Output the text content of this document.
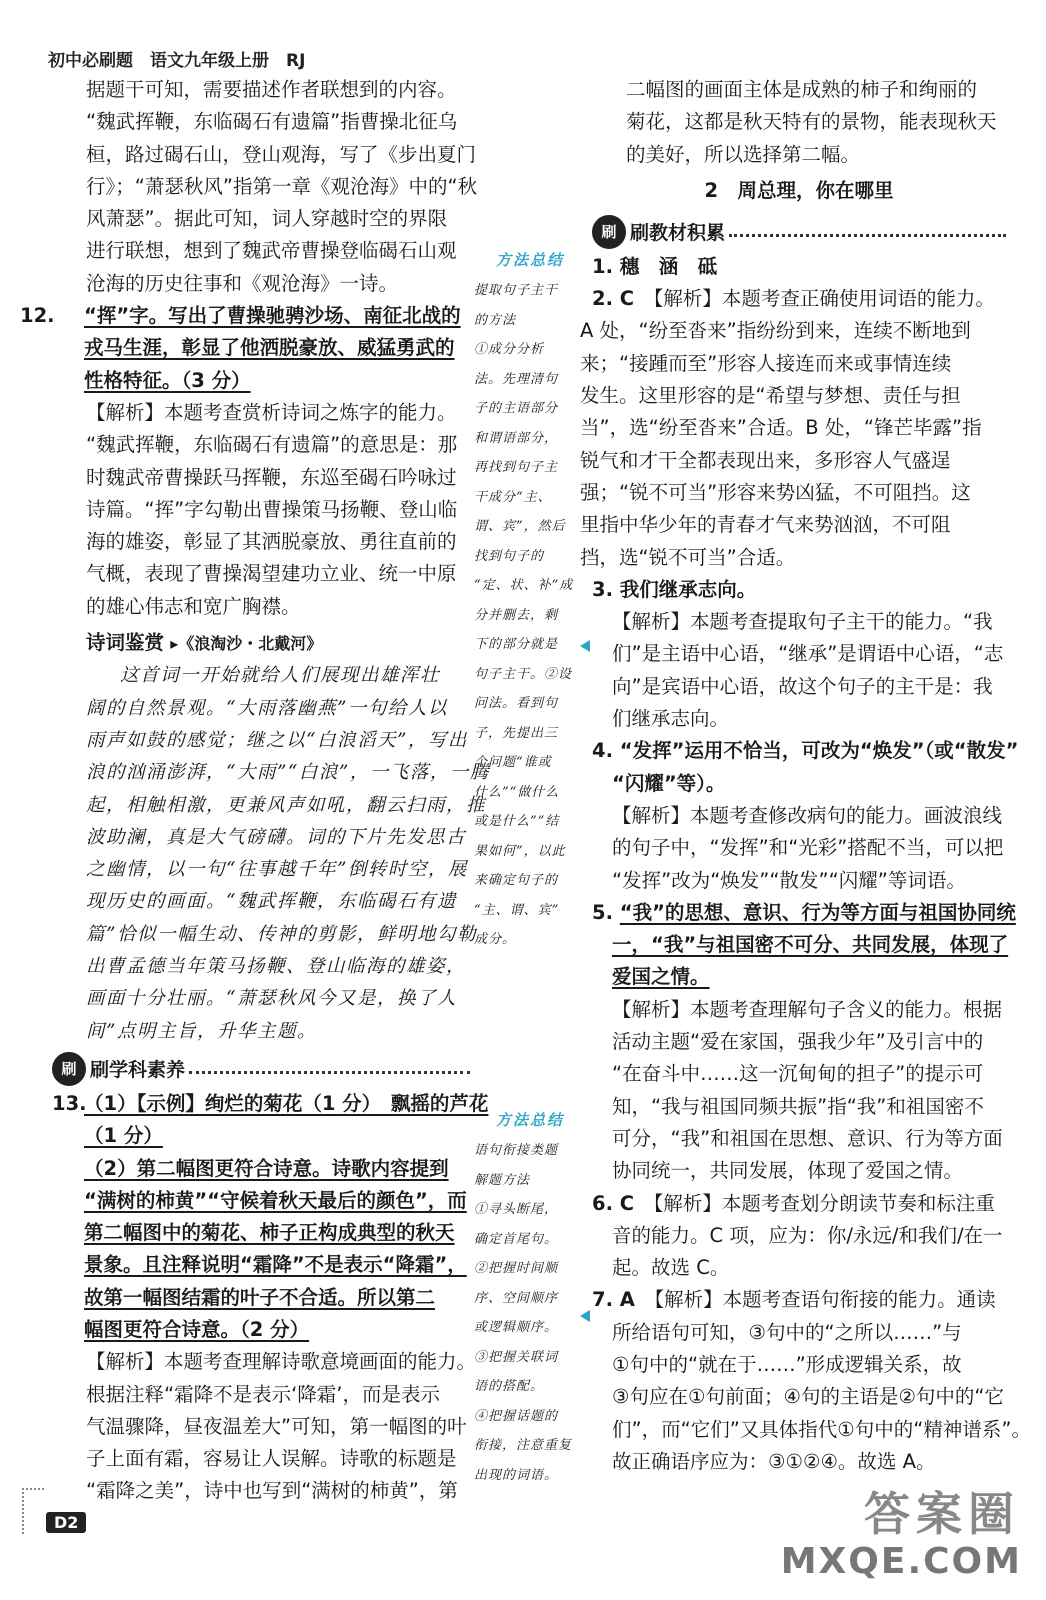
初中必刷题　语文九年级上册　RJ
据题干可知，需要描述作者联想到的内容。
“魏武挥鞭，东临碣石有遗篇”指曹操北征乌
桓，路过碣石山，登山观海，写了《步出夏门
行》；“萧瑟秋风”指第一章《观沧海》中的“秋
风萧瑟”。据此可知，词人穿越时空的界限
进行联想，想到了魏武帝曹操登临碣石山观
沧海的历史往事和《观沧海》一诗。
12. “挥”字。写出了曹操驰骋沙场、南征北战的
戎马生涯，彰显了他洒脱豪放、威猛勇武的
性格特征。（3 分）
【解析】本题考查赏析诗词之炼字的能力。
“魏武挥鞭，东临碣石有遗篇”的意思是：那
时魏武帝曹操跃马挥鞭，东巡至碣石吟咏过
诗篇。“挥”字勾勒出曹操策马扬鞭、登山临
海的雄姿，彰显了其洒脱豪放、勇往直前的
气概，表现了曹操渴望建功立业、统一中原
的雄心伟志和宽广胸襟。
诗词鉴赏 ▸《浪淘沙・北戴河》
这首词一开始就给人们展现出雄浑壮
阔的自然景观。“大雨落幽燕”一句给人以
雨声如鼓的感觉；继之以“白浪滔天”，写出
浪的汹涌澎湃，“大雨”“白浪”，一飞落，一腾
起，相触相激，更兼风声如吼，翻云扫雨，推
波助澜，真是大气磅礴。词的下片先发思古
之幽情，以一句“往事越千年”倒转时空，展
现历史的画面。“魏武挥鞭，东临碣石有遗
篇”恰似一幅生动、传神的剪影，鲜明地勾勒
出曹孟德当年策马扬鞭、登山临海的雄姿，
画面十分壮丽。“萧瑟秋风今又是，换了人
间”点明主旨，升华主题。
刷 刷学科素养
13.（1）【示例】绚烂的菊花（1 分）　飘摇的芦花
（1 分）
（2）第二幅图更符合诗意。诗歌内容提到
“满树的柿黄”“守候着秋天最后的颜色”，而
第二幅图中的菊花、柿子正构成典型的秋天
景象。且注释说明“霜降”不是表示“降霜”，
故第一幅图结霜的叶子不合适。所以第二
幅图更符合诗意。（2 分）
【解析】本题考查理解诗歌意境画面的能力。
根据注释“霜降不是表示‘降霜’，而是表示
气温骤降，昼夜温差大”可知，第一幅图的叶
子上面有霜，容易让人误解。诗歌的标题是
“霜降之美”，诗中也写到“满树的柿黄”，第
方法总结
提取句子主干
的方法
①成分分析
法。先理清句
子的主语部分
和谓语部分，
再找到句子主
干成分“主、
谓、宾”，然后
找到句子的
“定、状、补”成
分并删去，剩
下的部分就是
句子主干。②设
问法。看到句
子，先提出三
个问题“谁或
什么”“做什么
或是什么”“结
果如何”，以此
来确定句子的
“主、谓、宾”
成分。
方法总结
语句衔接类题
解题方法
①寻头断尾，
确定首尾句。
②把握时间顺
序、空间顺序
或逻辑顺序。
③把握关联词
语的搭配。
④把握话题的
衔接，注意重复
出现的词语。
二幅图的画面主体是成熟的柿子和绚丽的
菊花，这都是秋天特有的景物，能表现秋天
的美好，所以选择第二幅。
2　周总理，你在哪里
刷 刷教材积累
1. 穗　涵　砥
2. C　【解析】本题考查正确使用词语的能力。
A 处，“纷至沓来”指纷纷到来，连续不断地到
来；“接踵而至”形容人接连而来或事情连续
发生。这里形容的是“希望与梦想、责任与担
当”，选“纷至沓来”合适。B 处，“锋芒毕露”指
锐气和才干全都表现出来，多形容人气盛逞
强；“锐不可当”形容来势凶猛，不可阻挡。这
里指中华少年的青春才气来势汹汹，不可阻
挡，选“锐不可当”合适。
3. 我们继承志向。
【解析】本题考查提取句子主干的能力。“我
们”是主语中心语，“继承”是谓语中心语，“志
向”是宾语中心语，故这个句子的主干是：我
们继承志向。
4. “发挥”运用不恰当，可改为“焕发”（或“散发”
“闪耀”等）。
【解析】本题考查修改病句的能力。画波浪线
的句子中，“发挥”和“光彩”搭配不当，可以把
“发挥”改为“焕发”“散发”“闪耀”等词语。
5. “我”的思想、意识、行为等方面与祖国协同统
一，“我”与祖国密不可分、共同发展，体现了
爱国之情。
【解析】本题考查理解句子含义的能力。根据
活动主题“爱在家国，强我少年”及引言中的
“在奋斗中……这一沉甸甸的担子”的提示可
知，“我与祖国同频共振”指“我”和祖国密不
可分，“我”和祖国在思想、意识、行为等方面
协同统一，共同发展，体现了爱国之情。
6. C　【解析】本题考查划分朗读节奏和标注重
音的能力。C 项，应为：你/永远/和我们/在一
起。故选 C。
7. A　【解析】本题考查语句衔接的能力。通读
所给语句可知，③句中的“之所以……”与
①句中的“就在于……”形成逻辑关系，故
③句应在①句前面；④句的主语是②句中的“它
们”，而“它们”又具体指代①句中的“精神谱系”。
故正确语序应为：③①②④。故选 A。
D2	答案圈
MXQE.COM
